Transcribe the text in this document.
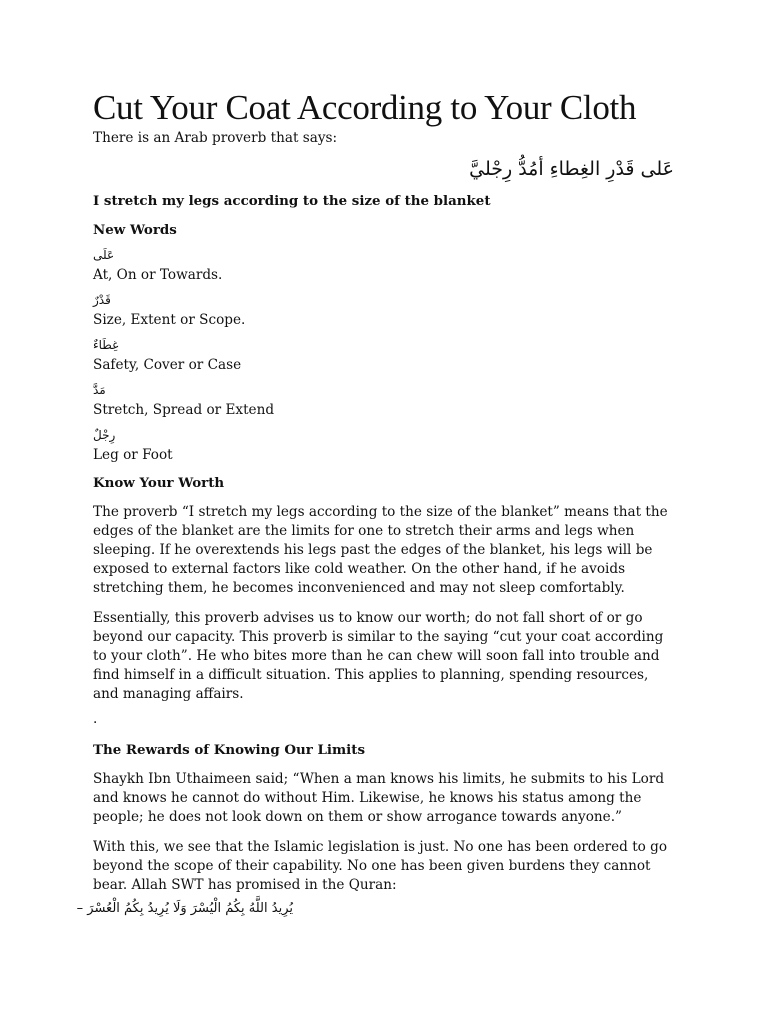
Cut Your Coat According to Your Cloth

There is an Arab proverb that says:

عَلى قَدْرِ الغِطاءِ أمُدُّ رِجْليَّ

I stretch my legs according to the size of the blanket

New Words

عَلَى

At, On or Towards.

قَدْرٌ

Size, Extent or Scope.

غِطَاءٌ

Safety, Cover or Case

مَدَّ

Stretch, Spread or Extend

رِجْلٌ

Leg or Foot

Know Your Worth

The proverb “I stretch my legs according to the size of the blanket” means that the edges of the blanket are the limits for one to stretch their arms and legs when sleeping. If he overextends his legs past the edges of the blanket, his legs will be exposed to external factors like cold weather. On the other hand, if he avoids stretching them, he becomes inconvenienced and may not sleep comfortably.

Essentially, this proverb advises us to know our worth; do not fall short of or go beyond our capacity. This proverb is similar to the saying “cut your coat according to your cloth”. He who bites more than he can chew will soon fall into trouble and find himself in a difficult situation. This applies to planning, spending resources, and managing affairs.

.

The Rewards of Knowing Our Limits

Shaykh Ibn Uthaimeen said; “When a man knows his limits, he submits to his Lord and knows he cannot do without Him. Likewise, he knows his status among the people; he does not look down on them or show arrogance towards anyone.”

With this, we see that the Islamic legislation is just. No one has been ordered to go beyond the scope of their capability. No one has been given burdens they cannot bear. Allah SWT has promised in the Quran:

يُرِيدُ اللَّهُ بِكُمُ الْيُسْرَ وَلَا يُرِيدُ بِكُمُ الْعُسْرَ –
